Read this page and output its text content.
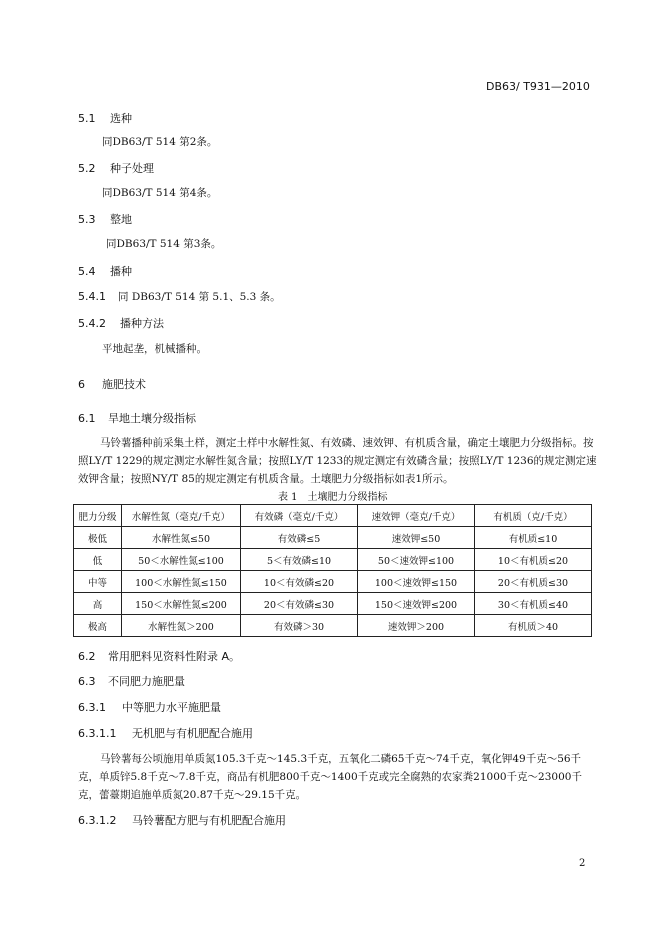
DB63/ T931—2010
5.1 选种
同DB63/T 514 第2条。
5.2 种子处理
同DB63/T 514 第4条。
5.3 整地
同DB63/T 514 第3条。
5.4 播种
5.4.1 同 DB63/T 514 第 5.1、5.3 条。
5.4.2 播种方法
平地起垄，机械播种。
6 施肥技术
6.1 旱地土壤分级指标
马铃薯播种前采集土样，测定土样中水解性氮、有效磷、速效钾、有机质含量，确定土壤肥力分级指标。按照LY/T 1229的规定测定水解性氮含量；按照LY/T 1233的规定测定有效磷含量；按照LY/T 1236的规定测定速效钾含量；按照NY/T 85的规定测定有机质含量。土壤肥力分级指标如表1所示。
表 1　土壤肥力分级指标
肥力分级	水解性氮（毫克/千克）	有效磷（毫克/千克）	速效钾（毫克/千克）	有机质（克/千克）
极低	水解性氮≤50	有效磷≤5	速效钾≤50	有机质≤10
低	50＜水解性氮≤100	5＜有效磷≤10	50＜速效钾≤100	10＜有机质≤20
中等	100＜水解性氮≤150	10＜有效磷≤20	100＜速效钾≤150	20＜有机质≤30
高	150＜水解性氮≤200	20＜有效磷≤30	150＜速效钾≤200	30＜有机质≤40
极高	水解性氮＞200	有效磷＞30	速效钾＞200	有机质＞40
6.2 常用肥料见资料性附录 A。
6.3 不同肥力施肥量
6.3.1 中等肥力水平施肥量
6.3.1.1 无机肥与有机肥配合施用
马铃薯每公顷施用单质氮105.3千克～145.3千克，五氧化二磷65千克～74千克，氧化钾49千克～56千克，单质锌5.8千克～7.8千克，商品有机肥800千克～1400千克或完全腐熟的农家粪21000千克～23000千克，蕾薹期追施单质氮20.87千克～29.15千克。
6.3.1.2 马铃薯配方肥与有机肥配合施用
2
